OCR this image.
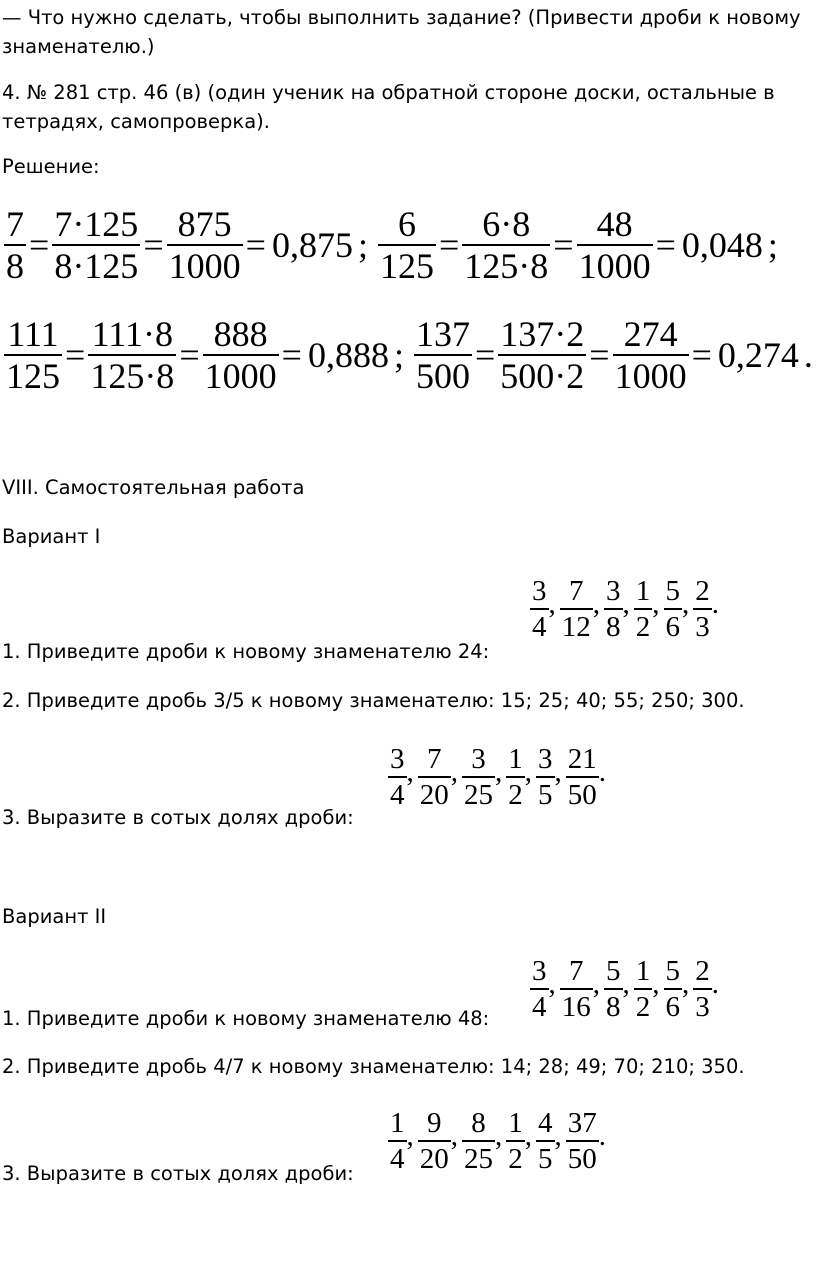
— Что нужно сделать, чтобы выполнить задание? (Привести дроби к новому знаменателю.)
4. № 281 стр. 46 (в) (один ученик на обратной стороне доски, остальные в тетрадях, самопроверка).
Решение:
$\frac{7}{8} = \frac{7\cdot 125}{8\cdot 125} = \frac{875}{1000} = 0,875$ ; $\frac{6}{125} = \frac{6\cdot 8}{125\cdot 8} = \frac{48}{1000} = 0,048$ ;
$\frac{111}{125} = \frac{111\cdot 8}{125\cdot 8} = \frac{888}{1000} = 0,888$ ; $\frac{137}{500} = \frac{137\cdot 2}{500\cdot 2} = \frac{274}{1000} = 0,274$ .
VIII. Самостоятельная работа
Вариант I
1. Приведите дроби к новому знаменателю 24:
$\frac{3}{4}$ , $\frac{7}{12}$ , $\frac{3}{8}$ , $\frac{1}{2}$ , $\frac{5}{6}$ , $\frac{2}{3}$ .
2. Приведите дробь 3/5 к новому знаменателю: 15; 25; 40; 55; 250; 300.
3. Выразите в сотых долях дроби:
$\frac{3}{4}$ , $\frac{7}{20}$ , $\frac{3}{25}$ , $\frac{1}{2}$ , $\frac{3}{5}$ , $\frac{21}{50}$ .
Вариант II
1. Приведите дроби к новому знаменателю 48: $\frac{3}{4}$ , $\frac{7}{16}$ , $\frac{5}{8}$ , $\frac{1}{2}$ , $\frac{5}{6}$ , $\frac{2}{3}$ .
2. Приведите дробь 4/7 к новому знаменателю: 14; 28; 49; 70; 210; 350.
3. Выразите в сотых долях дроби: $\frac{1}{4}$ , $\frac{9}{20}$ , $\frac{8}{25}$ , $\frac{1}{2}$ , $\frac{4}{5}$ , $\frac{37}{50}$ .
